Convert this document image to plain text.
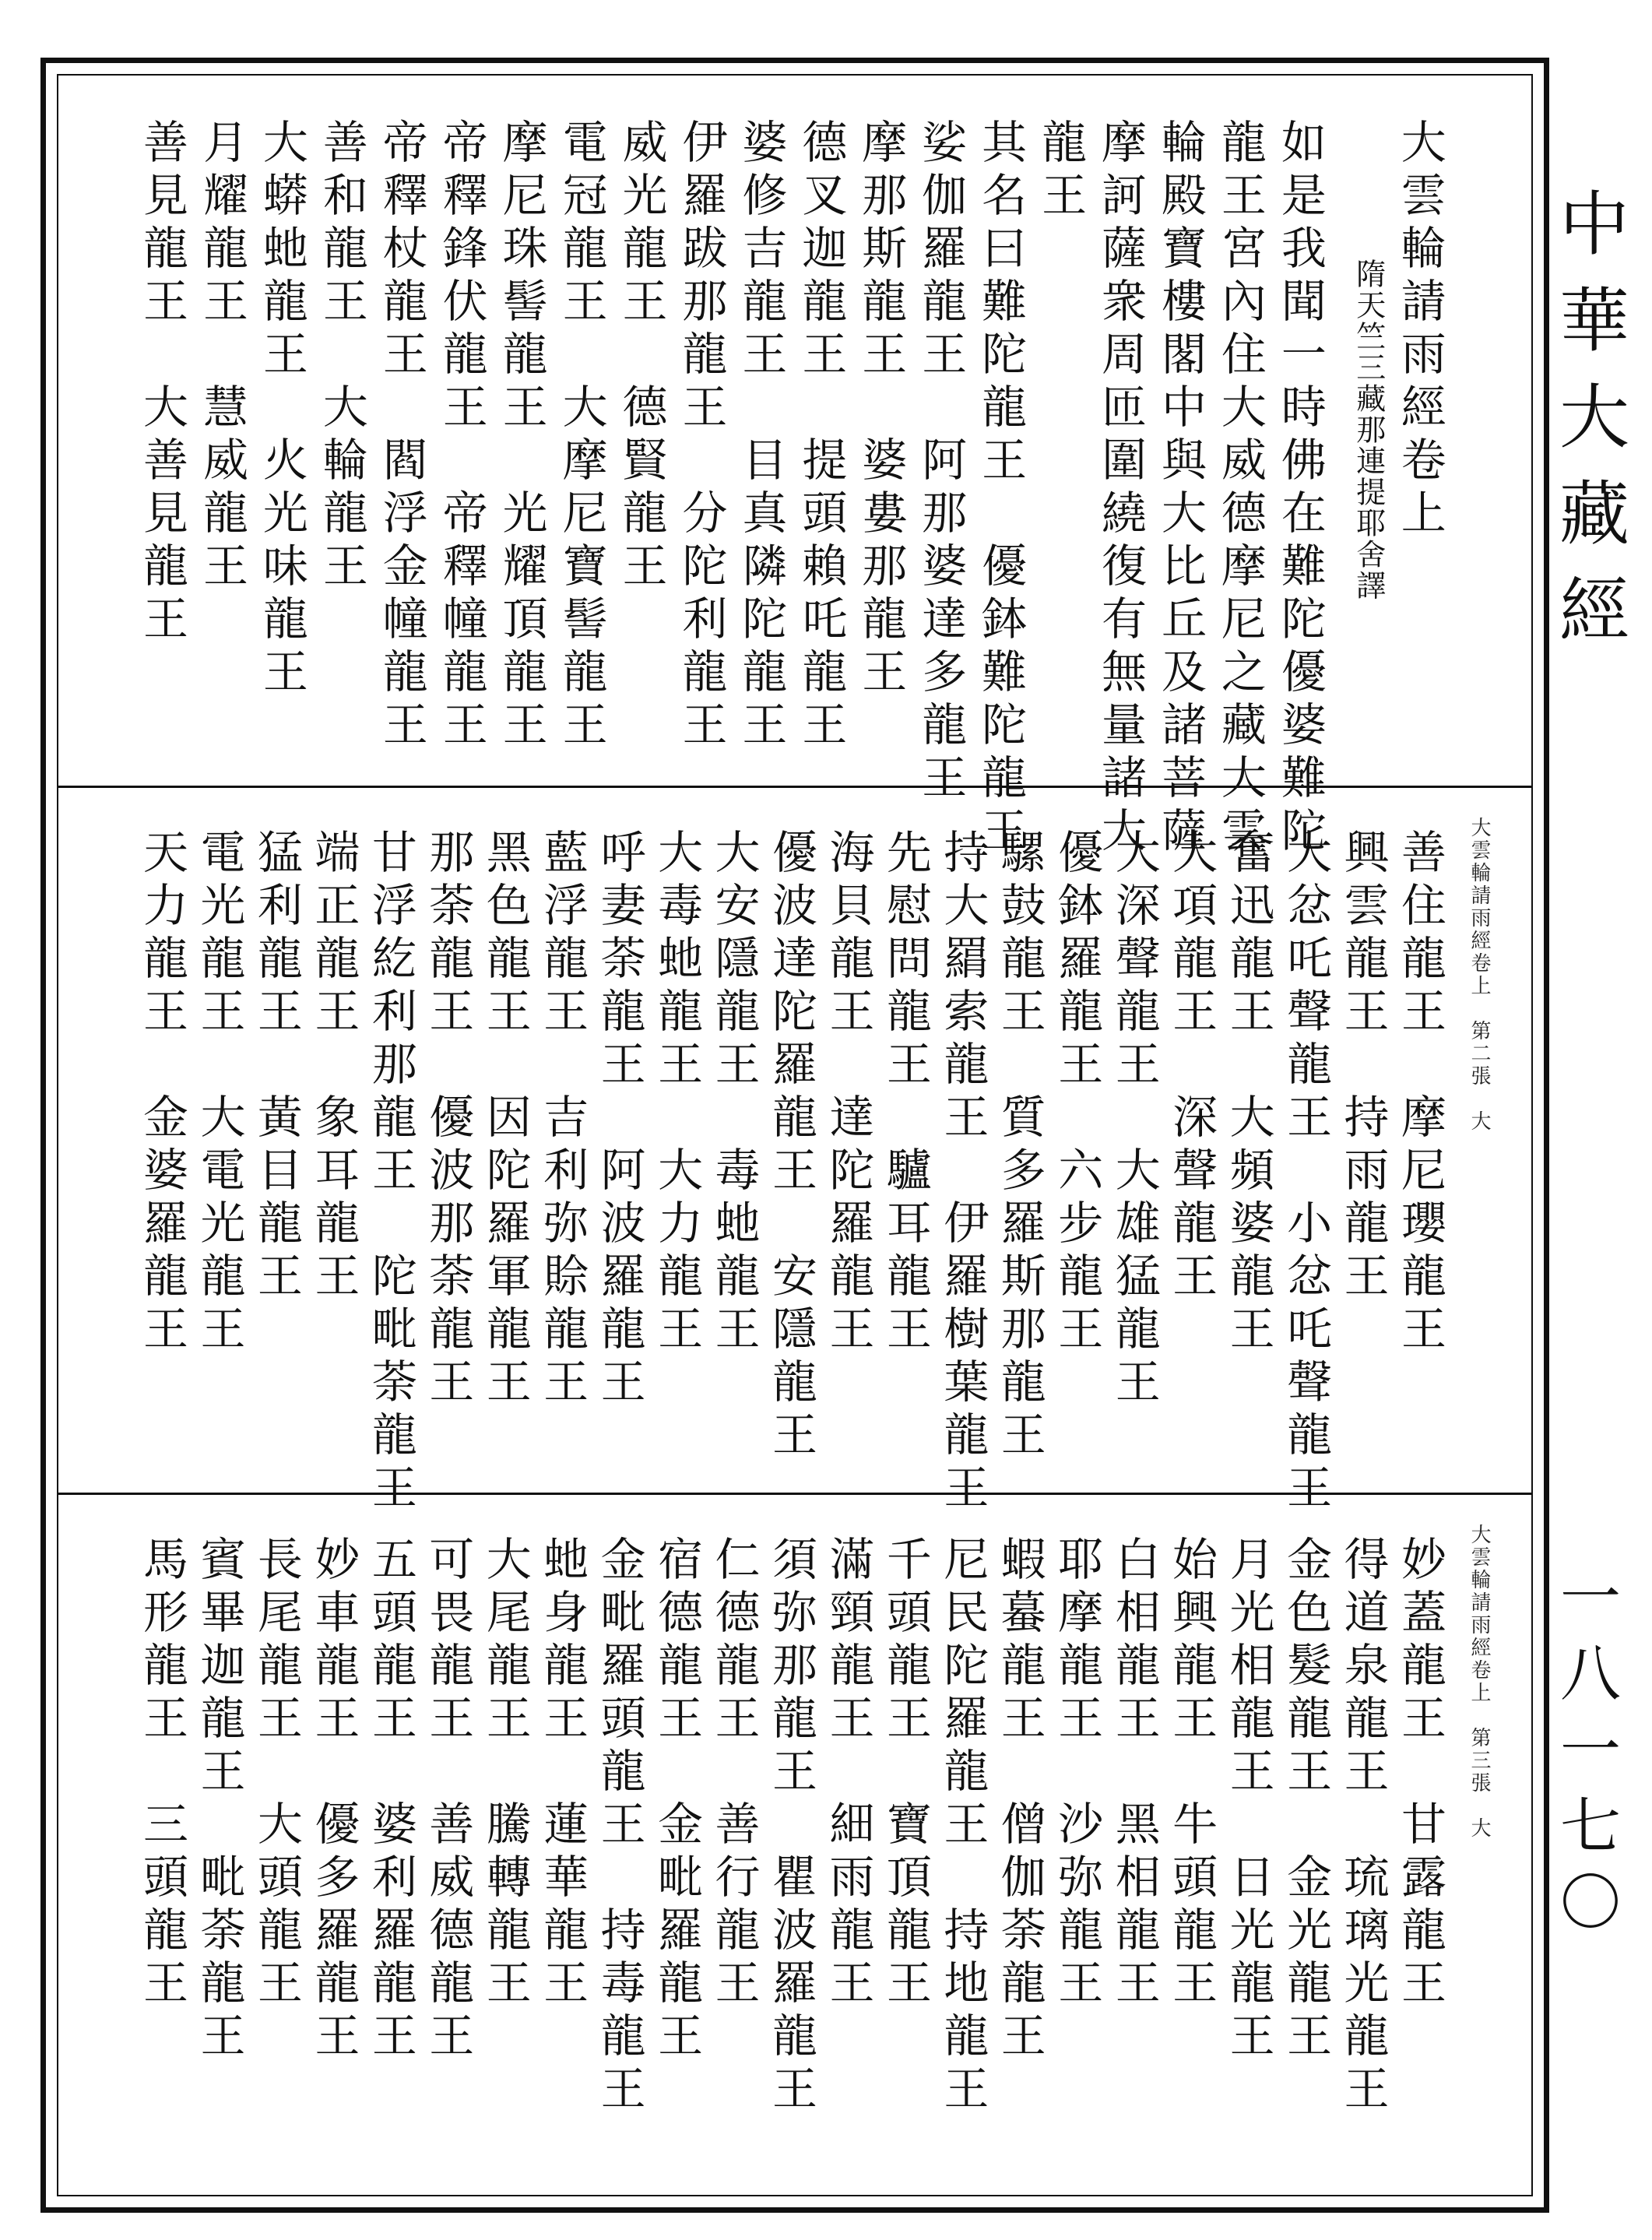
大雲輪請雨經卷上
隋天竺三藏那連提耶舍譯
如是我聞一時佛在難陀優婆難陀
龍王宮內住大威德摩尼之藏大雲
輪殿寶樓閣中與大比丘及諸菩薩
摩訶薩衆周匝圍繞復有無量諸大
龍王
其名曰難陀龍王　優鉢難陀龍王
娑伽羅龍王　阿那婆達多龍王
摩那斯龍王　婆婁那龍王
德叉迦龍王　提頭賴吒龍王
婆修吉龍王　目真隣陀龍王
伊羅跋那龍王　分陀利龍王
威光龍王　德賢龍王
電冠龍王　大摩尼寶髻龍王
摩尼珠髻龍王　光耀頂龍王
帝釋鋒伏龍王　帝釋幢龍王
帝釋杖龍王　閻浮金幢龍王
善和龍王　大輪龍王
大蟒虵龍王　火光味龍王
月耀龍王　慧威龍王
善見龍王　大善見龍王
大雲輪請雨經卷上　第二張　大
善住龍王　摩尼瓔龍王
興雲龍王　持雨龍王
大忿吒聲龍王　小忿吒聲龍王
奮迅龍王　大頻婆龍王
大項龍王　深聲龍王
大深聲龍王　大雄猛龍王
優鉢羅龍王　六步龍王
騾鼓龍王　質多羅斯那龍王
持大羂索龍王　伊羅樹葉龍王
先慰問龍王　驢耳龍王
海貝龍王　達陀羅龍王
優波達陀羅龍王　安隱龍王
大安隱龍王　毒虵龍王
大毒虵龍王　大力龍王
呼妻荼龍王　阿波羅龍王
藍浮龍王　吉利弥賒龍王
黑色龍王　因陀羅軍龍王
那荼龍王　優波那荼龍王
甘浮紇利那龍王　陀毗荼龍王
端正龍王　象耳龍王
猛利龍王　黃目龍王
電光龍王　大電光龍王
天力龍王　金婆羅龍王
大雲輪請雨經卷上　第三張　大
妙蓋龍王　甘露龍王
得道泉龍王　琉璃光龍王
金色髮龍王　金光龍王
月光相龍王　日光龍王
始興龍王　牛頭龍王
白相龍王　黑相龍王
耶摩龍王　沙弥龍王
蝦蟇龍王　僧伽荼龍王
尼民陀羅龍王　持地龍王
千頭龍王　寶頂龍王
滿頸龍王　細雨龍王
須弥那龍王　瞿波羅龍王
仁德龍王　善行龍王
宿德龍王　金毗羅龍王
金毗羅頭龍王　持毒龍王
虵身龍王　蓮華龍王
大尾龍王　騰轉龍王
可畏龍王　善威德龍王
五頭龍王　婆利羅龍王
妙車龍王　優多羅龍王
長尾龍王　大頭龍王
賓畢迦龍王　毗荼龍王
馬形龍王　三頭龍王
中華大藏經
一八一七〇
